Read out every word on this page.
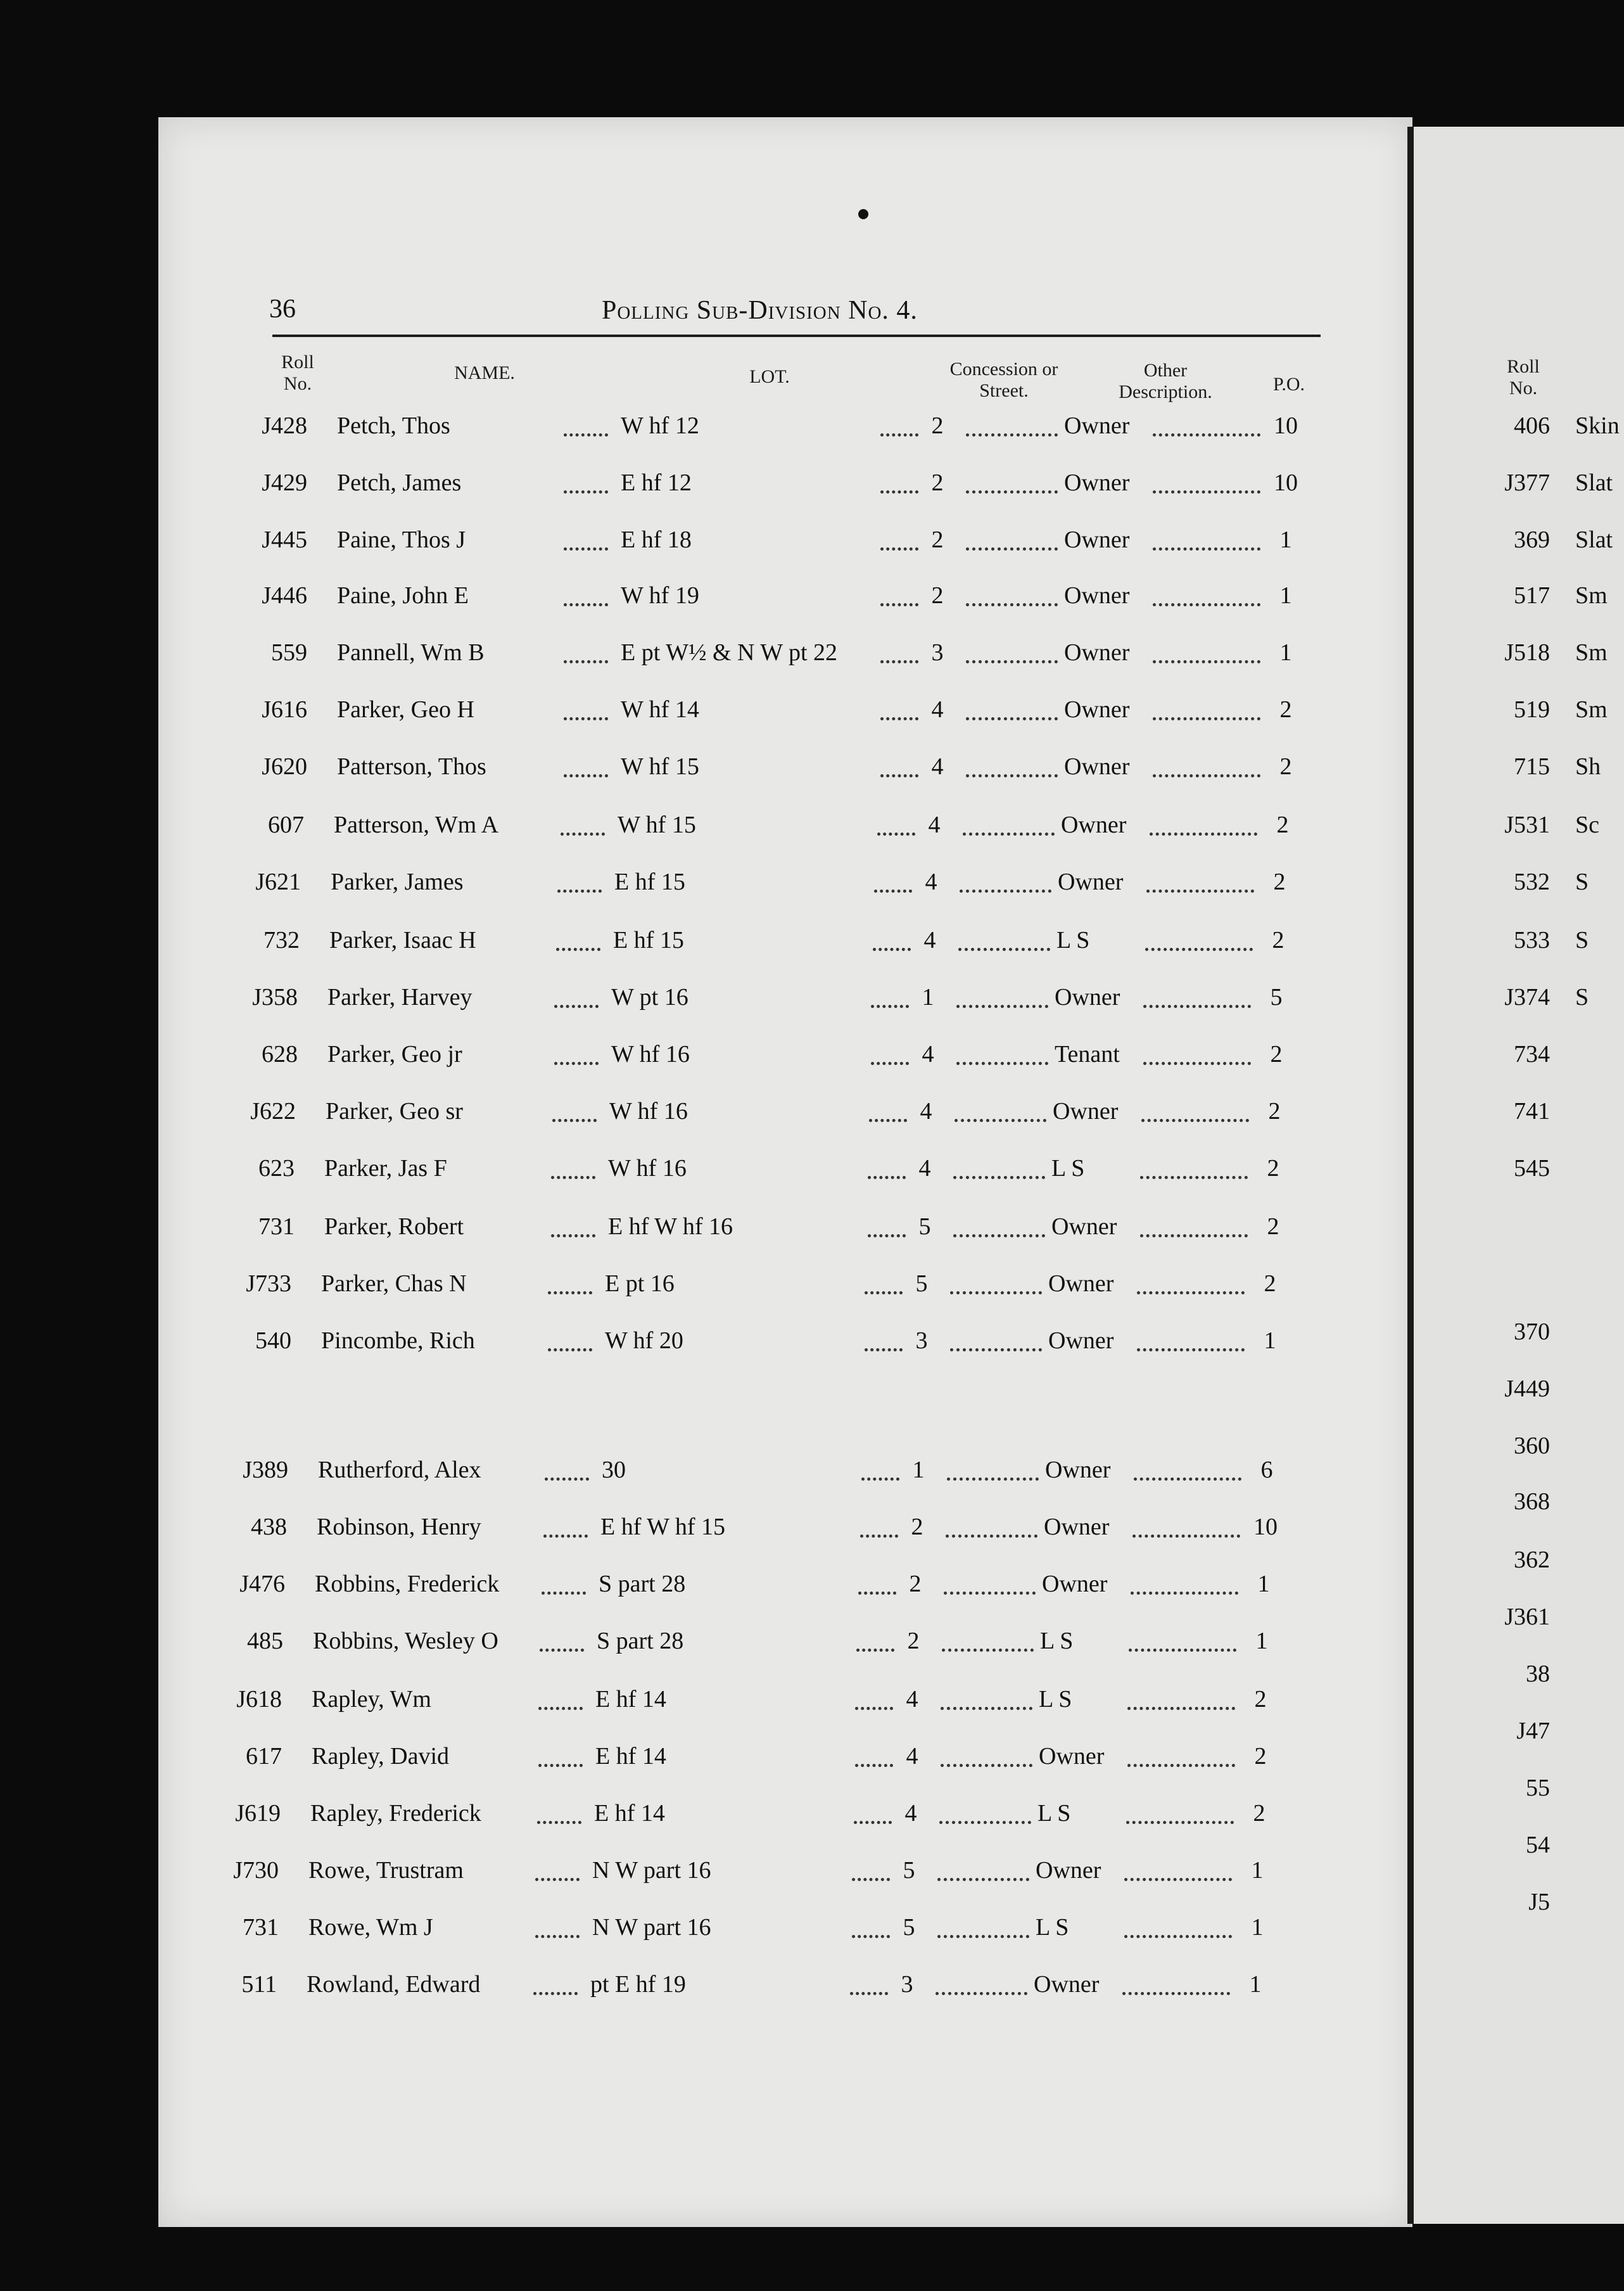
36	Polling Sub-Division No. 4.
Roll No.
NAME.	LOT.	Concession or Street.
Other Description.	P.O.
J428 Petch, Thos	W hf 12	2	Owner	10
J429 Petch, James	E hf 12	2	Owner	10
J445 Paine, Thos J	E hf 18	2	Owner	1
J446 Paine, John E	W hf 19	2	Owner	1
559 Pannell, Wm B	E pt W½ & N W pt 22	3	Owner	1
J616 Parker, Geo H	W hf 14	4	Owner	2
J620 Patterson, Thos	W hf 15	4	Owner	2
607 Patterson, Wm A	W hf 15	4	Owner	2
J621 Parker, James	E hf 15	4	Owner	2
732 Parker, Isaac H	E hf 15	4	L S	2
J358 Parker, Harvey	W pt 16	1	Owner	5
628 Parker, Geo jr	W hf 16	4	Tenant	2
J622 Parker, Geo sr	W hf 16	4	Owner	2
623 Parker, Jas F	W hf 16	4	L S	2
731 Parker, Robert	E hf W hf 16	5	Owner	2
J733 Parker, Chas N	E pt 16	5	Owner	2
540 Pincombe, Rich	W hf 20	3	Owner	1
J389 Rutherford, Alex	30	1	Owner	6
438 Robinson, Henry	E hf W hf 15	2	Owner	10
J476 Robbins, Frederick	S part 28	2	Owner	1
485 Robbins, Wesley O	S part 28	2	L S	1
J618 Rapley, Wm	E hf 14	4	L S	2
617 Rapley, David	E hf 14	4	Owner	2
J619 Rapley, Frederick	E hf 14	4	L S	2
J730 Rowe, Trustram	N W part 16	5	Owner	1
731 Rowe, Wm J	N W part 16	5	L S	1
511 Rowland, Edward	pt E hf 19	3	Owner	1
Roll No.
406 Skin
J377 Slat
369 Slat
517 Sm
J518 Sm
519 Sm
715 Sh
J531 Sc
532 S
533 S
J374 S
734
741
545
370
J449
360
368
362
J361
38
J47
55
54
J5
